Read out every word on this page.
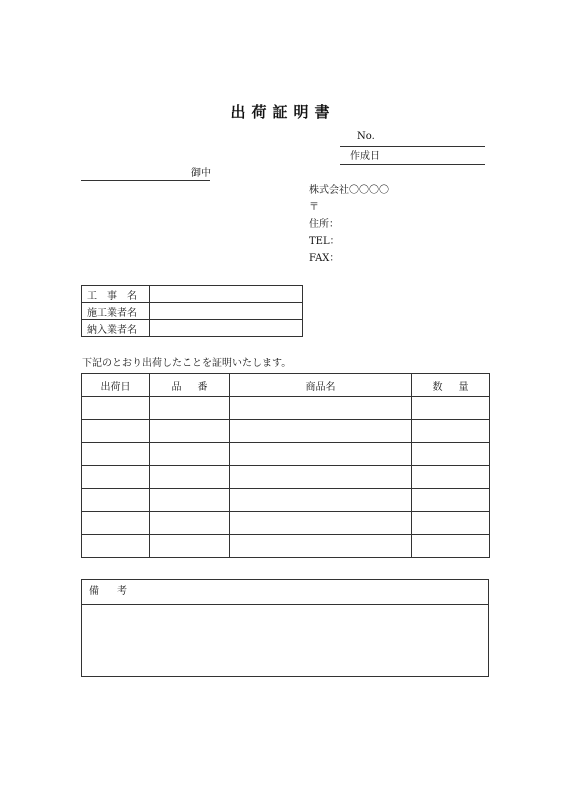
出荷証明書
No.
作成日
御中
株式会社〇〇〇〇
〒
住所：
TEL：
FAX：
工　事　名	
施工業者名	
納入業者名	
下記のとおり出荷したことを証明いたします。
出荷日	品番	商品名	数量

備考
